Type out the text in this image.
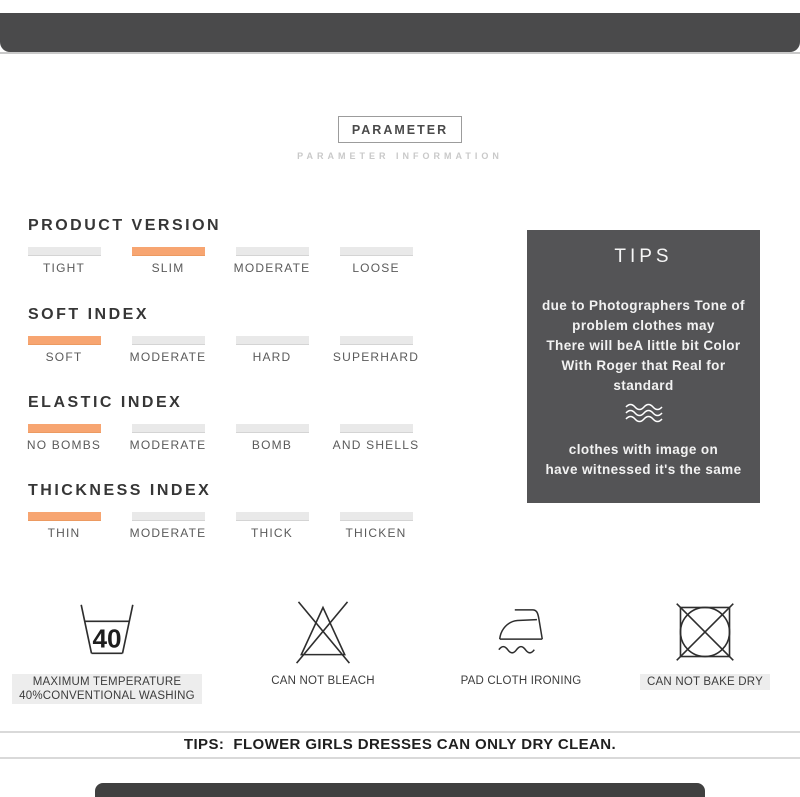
PARAMETER
PARAMETER INFORMATION
PRODUCT VERSION
TIGHT	SLIM	MODERATE	LOOSE
SOFT INDEX
SOFT	MODERATE	HARD	SUPERHARD
ELASTIC INDEX
NO BOMBS	MODERATE	BOMB	AND SHELLS
THICKNESS INDEX
THIN	MODERATE	THICK	THICKEN
TIPS
due to Photographers Tone of
problem clothes may
There will beA little bit Color
With Roger that Real for
standard
clothes with image on
have witnessed it's the same
40
MAXIMUM TEMPERATURE
40%CONVENTIONAL WASHING
CAN NOT BLEACH	PAD CLOTH IRONING	CAN NOT BAKE DRY
TIPS:  FLOWER GIRLS DRESSES CAN ONLY DRY CLEAN.
